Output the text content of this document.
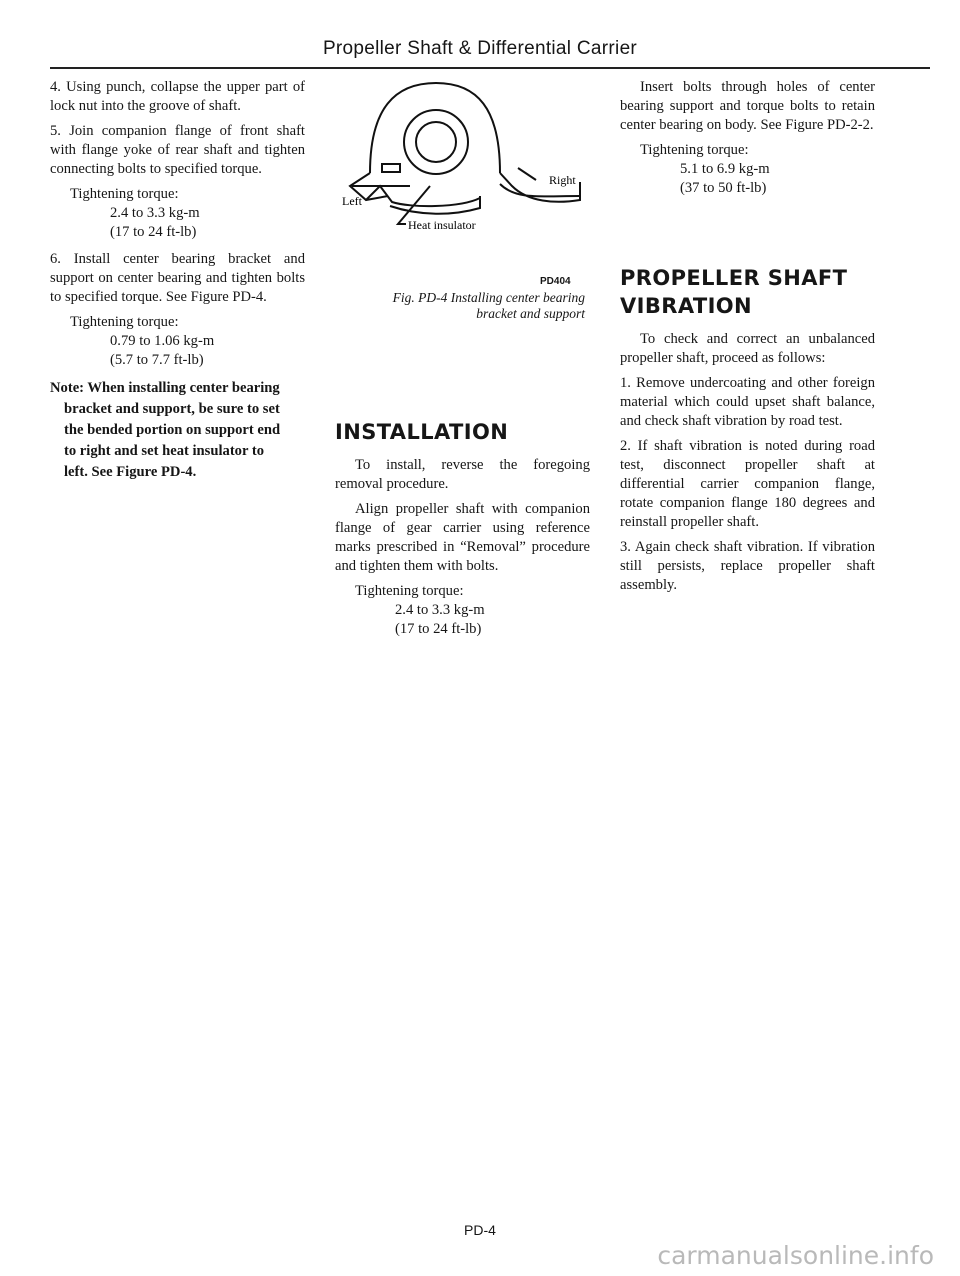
Propeller Shaft & Differential Carrier

4. Using punch, collapse the upper part of lock nut into the groove of shaft.

5. Join companion flange of front shaft with flange yoke of rear shaft and tighten connecting bolts to specified torque.

Tightening torque:
2.4 to 3.3 kg-m
(17 to 24 ft-lb)

6. Install center bearing bracket and support on center bearing and tighten bolts to specified torque. See Figure PD-4.

Tightening torque:
0.79 to 1.06 kg-m
(5.7 to 7.7 ft-lb)
Note: When installing center bearing
bracket and support, be sure to set
the bended portion on support end
to right and set heat insulator to
left. See Figure PD-4.
Right
Left
Heat insulator
PD404
Fig. PD-4 Installing center bearing
bracket and support
INSTALLATION

To install, reverse the foregoing removal procedure.

Align propeller shaft with companion flange of gear carrier using reference marks prescribed in “Removal” procedure and tighten them with bolts.

Tightening torque:
2.4 to 3.3 kg-m
(17 to 24 ft-lb)

Insert bolts through holes of center bearing support and torque bolts to retain center bearing on body. See Figure PD-2-2.

Tightening torque:
5.1 to 6.9 kg-m
(37 to 50 ft-lb)
PROPELLER SHAFT
VIBRATION

To check and correct an unbalanced propeller shaft, proceed as follows:

1. Remove undercoating and other foreign material which could upset shaft balance, and check shaft vibration by road test.

2. If shaft vibration is noted during road test, disconnect propeller shaft at differential carrier companion flange, rotate companion flange 180 degrees and reinstall propeller shaft.

3. Again check shaft vibration. If vibration still persists, replace propeller shaft assembly.

PD-4
carmanualsonline.info
